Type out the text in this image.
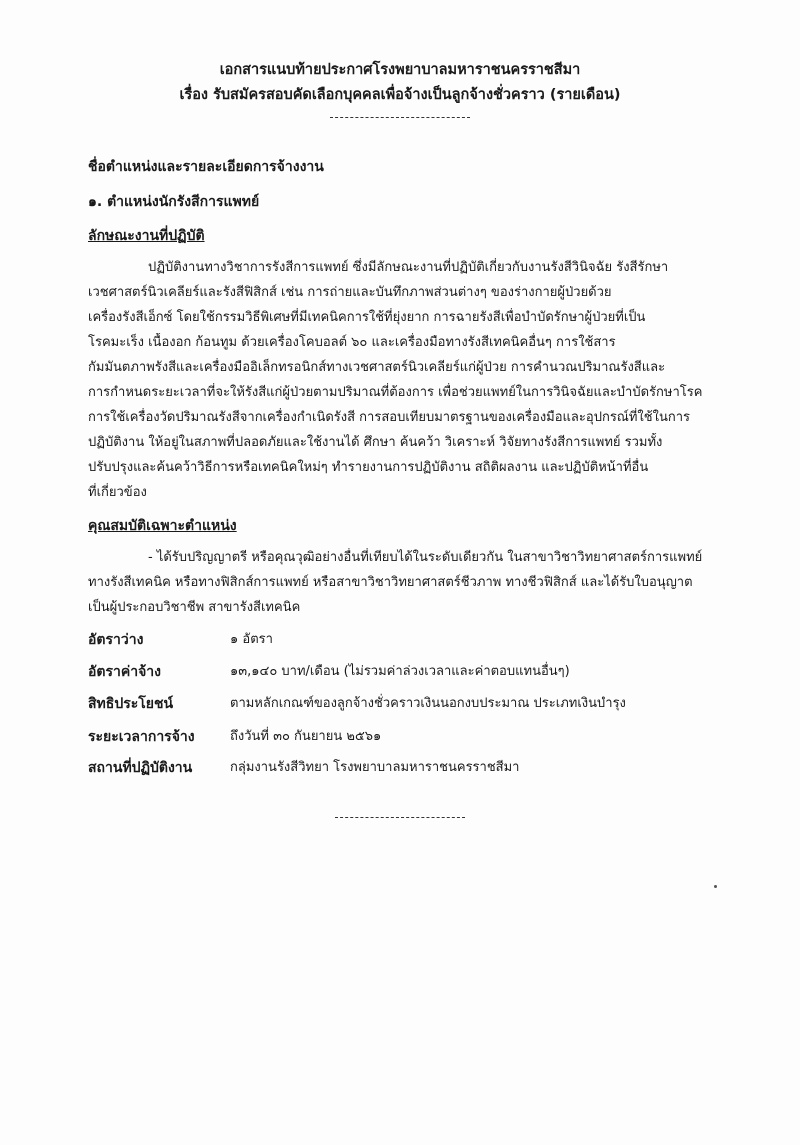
เอกสารแนบท้ายประกาศโรงพยาบาลมหาราชนครราชสีมา
เรื่อง รับสมัครสอบคัดเลือกบุคคลเพื่อจ้างเป็นลูกจ้างชั่วคราว (รายเดือน)
ชื่อตำแหน่งและรายละเอียดการจ้างงาน
๑. ตำแหน่งนักรังสีการแพทย์
ลักษณะงานที่ปฏิบัติ
ปฏิบัติงานทางวิชาการรังสีการแพทย์ ซึ่งมีลักษณะงานที่ปฏิบัติเกี่ยวกับงานรังสีวินิจฉัย รังสีรักษา
เวชศาสตร์นิวเคลียร์และรังสีฟิสิกส์ เช่น การถ่ายและบันทึกภาพส่วนต่างๆ ของร่างกายผู้ป่วยด้วย
เครื่องรังสีเอ็กซ์ โดยใช้กรรมวิธีพิเศษที่มีเทคนิคการใช้ที่ยุ่งยาก การฉายรังสีเพื่อบำบัดรักษาผู้ป่วยที่เป็น
โรคมะเร็ง เนื้องอก ก้อนทูม ด้วยเครื่องโคบอลต์ ๖๐ และเครื่องมือทางรังสีเทคนิคอื่นๆ การใช้สาร
กัมมันตภาพรังสีและเครื่องมืออิเล็กทรอนิกส์ทางเวชศาสตร์นิวเคลียร์แก่ผู้ป่วย การคำนวณปริมาณรังสีและ
การกำหนดระยะเวลาที่จะให้รังสีแก่ผู้ป่วยตามปริมาณที่ต้องการ เพื่อช่วยแพทย์ในการวินิจฉัยและบำบัดรักษาโรค
การใช้เครื่องวัดปริมาณรังสีจากเครื่องกำเนิดรังสี การสอบเทียบมาตรฐานของเครื่องมือและอุปกรณ์ที่ใช้ในการ
ปฏิบัติงาน ให้อยู่ในสภาพที่ปลอดภัยและใช้งานได้ ศึกษา ค้นคว้า วิเคราะห์ วิจัยทางรังสีการแพทย์ รวมทั้ง
ปรับปรุงและค้นคว้าวิธีการหรือเทคนิคใหม่ๆ ทำรายงานการปฏิบัติงาน สถิติผลงาน และปฏิบัติหน้าที่อื่น
ที่เกี่ยวข้อง
คุณสมบัติเฉพาะตำแหน่ง
- ได้รับปริญญาตรี หรือคุณวุฒิอย่างอื่นที่เทียบได้ในระดับเดียวกัน ในสาขาวิชาวิทยาศาสตร์การแพทย์
ทางรังสีเทคนิค หรือทางฟิสิกส์การแพทย์ หรือสาขาวิชาวิทยาศาสตร์ชีวภาพ ทางชีวฟิสิกส์ และได้รับใบอนุญาต
เป็นผู้ประกอบวิชาชีพ สาขารังสีเทคนิค
อัตราว่าง	๑ อัตรา
อัตราค่าจ้าง	๑๓,๑๔๐ บาท/เดือน (ไม่รวมค่าล่วงเวลาและค่าตอบแทนอื่นๆ)
สิทธิประโยชน์	ตามหลักเกณฑ์ของลูกจ้างชั่วคราวเงินนอกงบประมาณ ประเภทเงินบำรุง
ระยะเวลาการจ้าง	ถึงวันที่ ๓๐ กันยายน ๒๕๖๑
สถานที่ปฏิบัติงาน	กลุ่มงานรังสีวิทยา โรงพยาบาลมหาราชนครราชสีมา
